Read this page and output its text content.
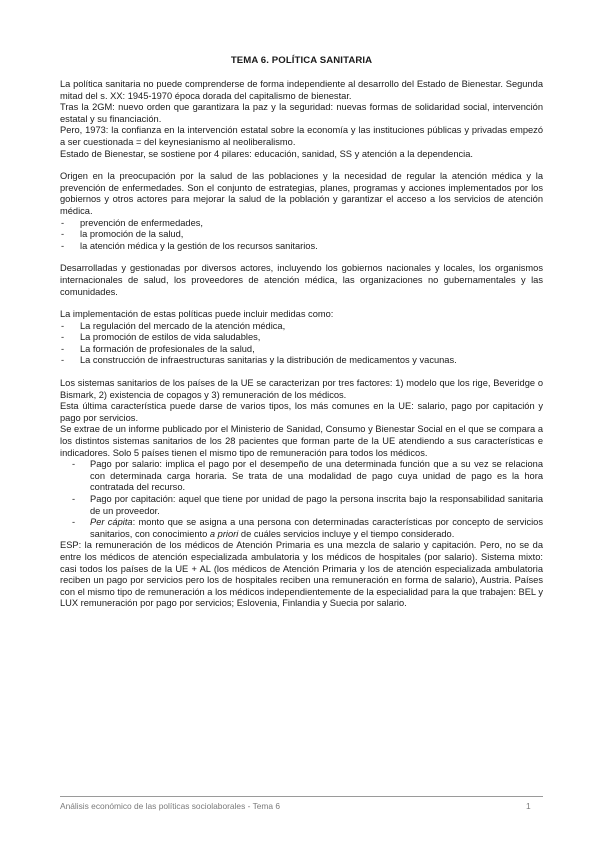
TEMA 6. POLÍTICA SANITARIA

La política sanitaria no puede comprenderse de forma independiente al desarrollo del Estado de Bienestar. Segunda mitad del s. XX: 1945-1970 época dorada del capitalismo de bienestar.

Tras la 2GM: nuevo orden que garantizara la paz y la seguridad: nuevas formas de solidaridad social, intervención estatal y su financiación.

Pero, 1973: la confianza en la intervención estatal sobre la economía y las instituciones públicas y privadas empezó a ser cuestionada = del keynesianismo al neoliberalismo.

Estado de Bienestar, se sostiene por 4 pilares: educación, sanidad, SS y atención a la dependencia.

Origen en la preocupación por la salud de las poblaciones y la necesidad de regular la atención médica y la prevención de enfermedades. Son el conjunto de estrategias, planes, programas y acciones implementados por los gobiernos y otros actores para mejorar la salud de la población y garantizar el acceso a los servicios de atención médica.

- prevención de enfermedades,
- la promoción de la salud,
- la atención médica y la gestión de los recursos sanitarios.

Desarrolladas y gestionadas por diversos actores, incluyendo los gobiernos nacionales y locales, los organismos internacionales de salud, los proveedores de atención médica, las organizaciones no gubernamentales y las comunidades.

La implementación de estas políticas puede incluir medidas como:

- La regulación del mercado de la atención médica,
- La promoción de estilos de vida saludables,
- La formación de profesionales de la salud,
- La construcción de infraestructuras sanitarias y la distribución de medicamentos y vacunas.

Los sistemas sanitarios de los países de la UE se caracterizan por tres factores: 1) modelo que los rige, Beveridge o Bismark, 2) existencia de copagos y 3) remuneración de los médicos.

Esta última característica puede darse de varios tipos, los más comunes en la UE: salario, pago por capitación y pago por servicios.

Se extrae de un informe publicado por el Ministerio de Sanidad, Consumo y Bienestar Social en el que se compara a los distintos sistemas sanitarios de los 28 pacientes que forman parte de la UE atendiendo a sus características e indicadores. Solo 5 países tienen el mismo tipo de remuneración para todos los médicos.

- Pago por salario: implica el pago por el desempeño de una determinada función que a su vez se relaciona con determinada carga horaria. Se trata de una modalidad de pago cuya unidad de pago es la hora contratada del recurso.
- Pago por capitación: aquel que tiene por unidad de pago la persona inscrita bajo la responsabilidad sanitaria de un proveedor.
- Per cápita: monto que se asigna a una persona con determinadas características por concepto de servicios sanitarios, con conocimiento a priori de cuáles servicios incluye y el tiempo considerado.

ESP: la remuneración de los médicos de Atención Primaria es una mezcla de salario y capitación. Pero, no se da entre los médicos de atención especializada ambulatoria y los médicos de hospitales (por salario). Sistema mixto: casi todos los países de la UE + AL (los médicos de Atención Primaria y los de atención especializada ambulatoria reciben un pago por servicios pero los de hospitales reciben una remuneración en forma de salario), Austria. Países con el mismo tipo de remuneración a los médicos independientemente de la especialidad para la que trabajen: BEL y LUX remuneración por pago por servicios; Eslovenia, Finlandia y Suecia por salario.

Análisis económico de las políticas sociolaborales - Tema 6	1
